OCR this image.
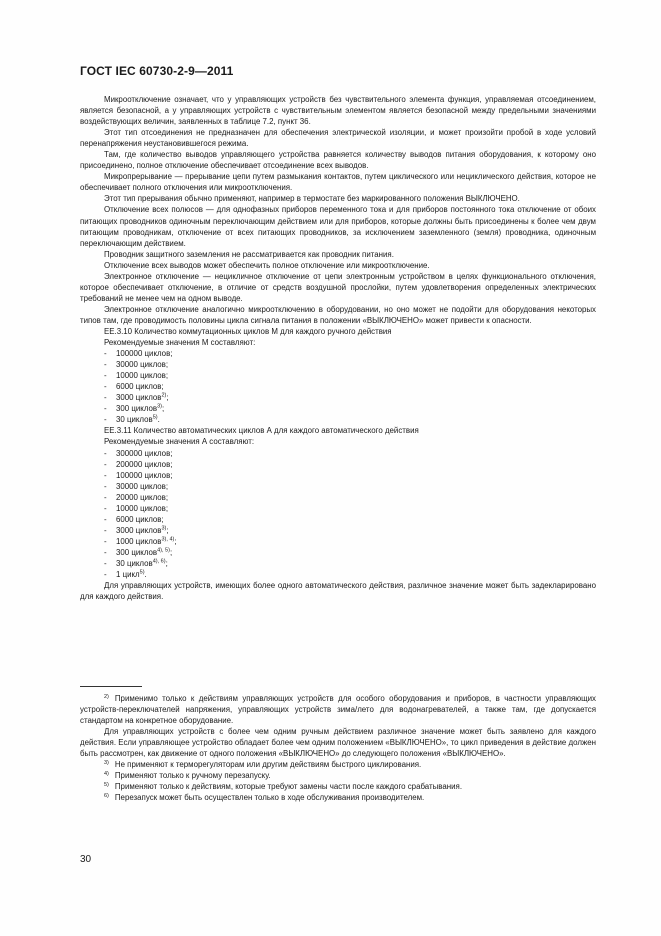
ГОСТ IEC 60730-2-9—2011

Микроотключение означает, что у управляющих устройств без чувствительного элемента функция, управляемая отсоединением, является безопасной, а у управляющих устройств с чувствительным элементом является безопасной между предельными значениями воздействующих величин, заявленных в таблице 7.2, пункт 36.

Этот тип отсоединения не предназначен для обеспечения электрической изоляции, и может произойти пробой в ходе условий перенапряжения неустановившегося режима.

Там, где количество выводов управляющего устройства равняется количеству выводов питания оборудования, к которому оно присоединено, полное отключение обеспечивает отсоединение всех выводов.

Микропрерывание — прерывание цепи путем размыкания контактов, путем циклического или нециклического действия, которое не обеспечивает полного отключения или микроотключения.

Этот тип прерывания обычно применяют, например в термостате без маркированного положения ВЫКЛЮЧЕНО.

Отключение всех полюсов — для однофазных приборов переменного тока и для приборов постоянного тока отключение от обоих питающих проводников одиночным переключающим действием или для приборов, которые должны быть присоединены к более чем двум питающим проводникам, отключение от всех питающих проводников, за исключением заземленного (земля) проводника, одиночным переключающим действием.

Проводник защитного заземления не рассматривается как проводник питания.

Отключение всех выводов может обеспечить полное отключение или микроотключение.

Электронное отключение — нецикличное отключение от цепи электронным устройством в целях функционального отключения, которое обеспечивает отключение, в отличие от средств воздушной прослойки, путем удовлетворения определенных электрических требований не менее чем на одном выводе.

Электронное отключение аналогично микроотключению в оборудовании, но оно может не подойти для оборудования некоторых типов там, где проводимость половины цикла сигнала питания в положении «ВЫКЛЮЧЕНО» может привести к опасности.

ЕЕ.3.10 Количество коммутационных циклов М для каждого ручного действия

Рекомендуемые значения М составляют:

- 100000 циклов;

- 30000 циклов;

- 10000 циклов;

- 6000 циклов;

- 3000 циклов$^{2)}$;

- 300 циклов$^{3)}$;

- 30 циклов$^{5)}$.

ЕЕ.3.11 Количество автоматических циклов А для каждого автоматического действия

Рекомендуемые значения А составляют:

- 300000 циклов;

- 200000 циклов;

- 100000 циклов;

- 30000 циклов;

- 20000 циклов;

- 10000 циклов;

- 6000 циклов;

- 3000 циклов$^{3)}$;

- 1000 циклов$^{3), 4)}$;

- 300 циклов$^{4), 5)}$;

- 30 циклов$^{4), 6)}$;

- 1 цикл$^{5)}$.

Для управляющих устройств, имеющих более одного автоматического действия, различное значение может быть задекларировано для каждого действия.

$^{2)}$ Применимо только к действиям управляющих устройств для особого оборудования и приборов, в частности управляющих устройств-переключателей напряжения, управляющих устройств зима/лето для водонагревателей, а также там, где допускается стандартом на конкретное оборудование.

Для управляющих устройств с более чем одним ручным действием различное значение может быть заявлено для каждого действия. Если управляющее устройство обладает более чем одним положением «ВЫКЛЮЧЕНО», то цикл приведения в действие должен быть рассмотрен, как движение от одного положения «ВЫКЛЮЧЕНО» до следующего положения «ВЫКЛЮЧЕНО».

$^{3)}$ Не применяют к терморегуляторам или другим действиям быстрого циклирования.

$^{4)}$ Применяют только к ручному перезапуску.

$^{5)}$ Применяют только к действиям, которые требуют замены части после каждого срабатывания.

$^{6)}$ Перезапуск может быть осуществлен только в ходе обслуживания производителем.

30
